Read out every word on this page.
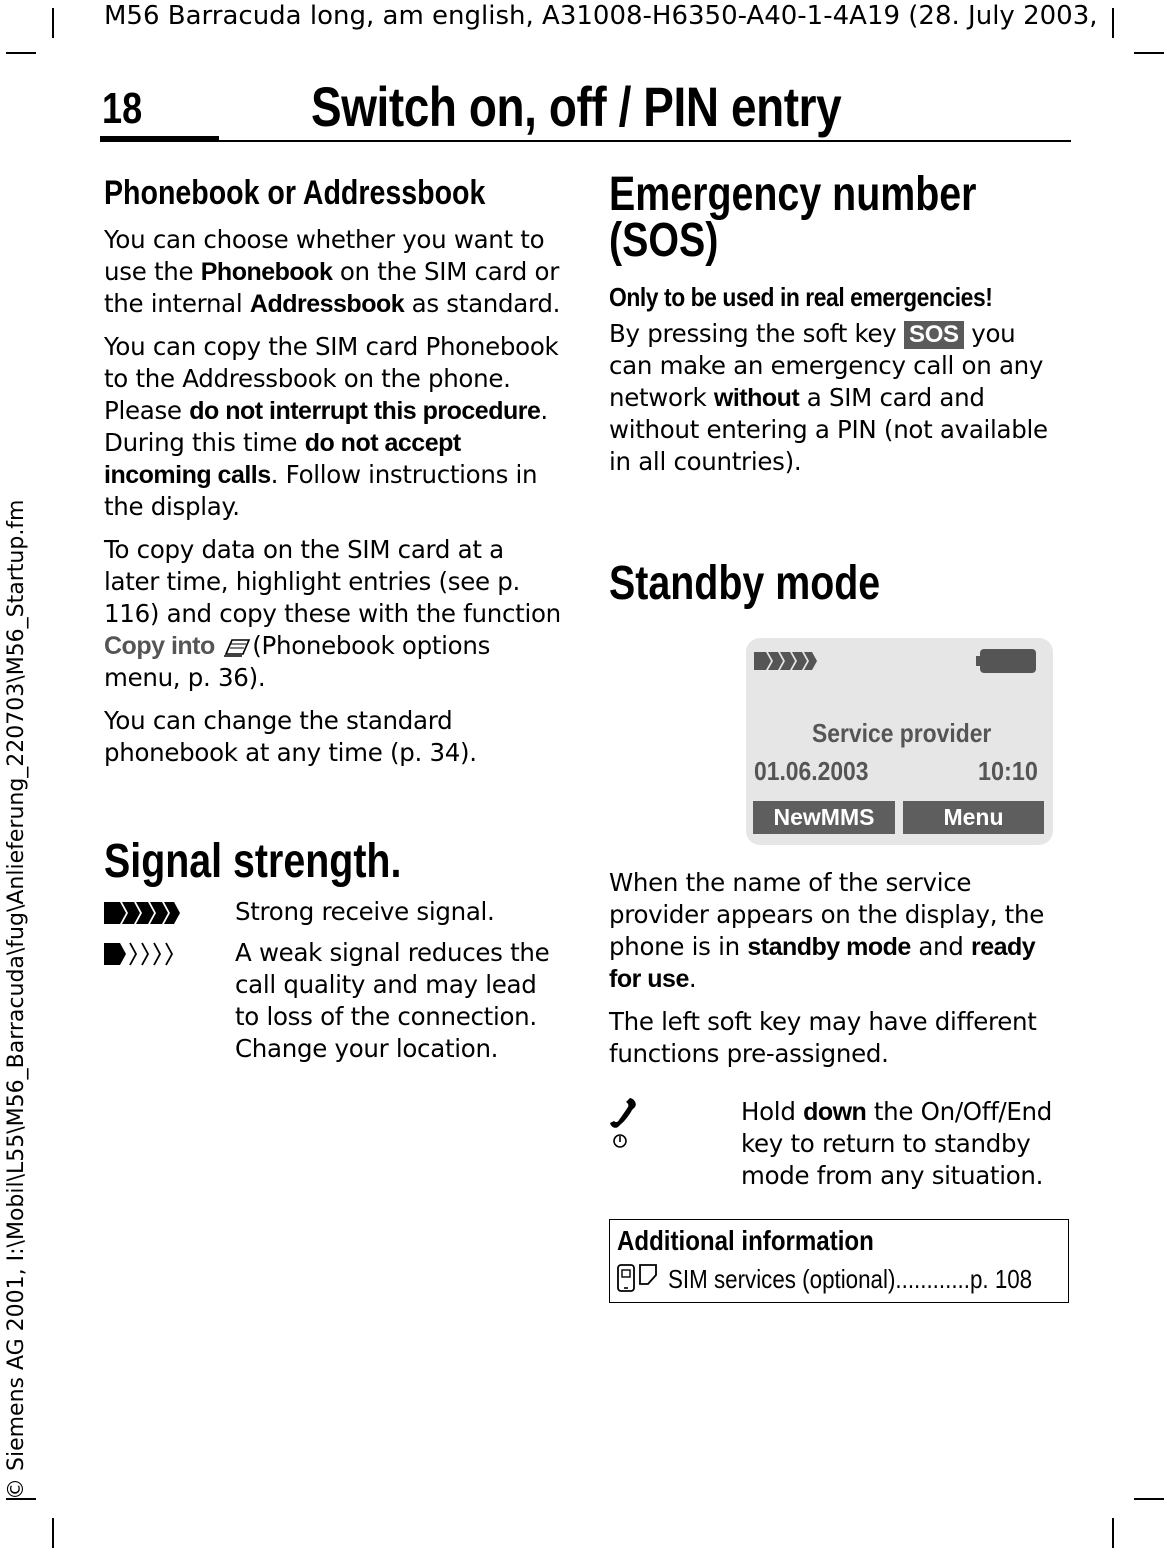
M56 Barracuda long, am english, A31008-H6350-A40-1-4A19 (28. July 2003,
© Siemens AG 2001, I:\Mobil\L55\M56_Barracuda\fug\Anlieferung_220703\M56_Startup.fm
18	Switch on, off / PIN entry
Phonebook or Addressbook

You can choose whether you want to use the Phonebook on the SIM card or the internal Addressbook as standard.

You can copy the SIM card Phonebook to the Addressbook on the phone. Please do not interrupt this procedure. During this time do not accept incoming calls. Follow instructions in the display.

To copy data on the SIM card at a later time, highlight entries (see p. 116) and copy these with the function Copy into (Phonebook options menu, p. 36).

You can change the standard phonebook at any time (p. 34).

Signal strength.
Strong receive signal.
A weak signal reduces the call quality and may lead to loss of the connection. Change your location.
Emergency number (SOS)
Only to be used in real emergencies!

By pressing the soft key SOS you can make an emergency call on any network without a SIM card and without entering a PIN (not available in all countries).

Standby mode
Service provider
01.06.2003	10:10
NewMMS	Menu

When the name of the service provider appears on the display, the phone is in standby mode and ready for use.

The left soft key may have different functions pre-assigned.

Hold down the On/Off/End key to return to standby mode from any situation.
Additional information
SIM services (optional)............p. 108
